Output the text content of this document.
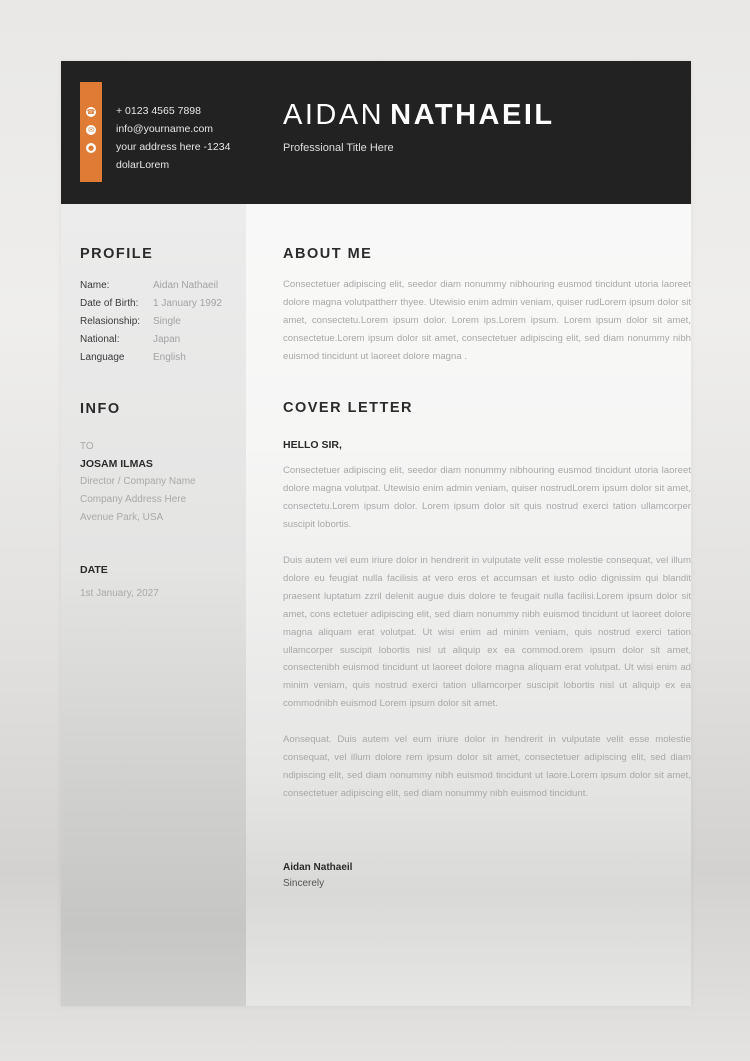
☎
✉
●
+ 0123 4565 7898
info@yourname.com
your address here -1234
dolarLorem
AIDAN NATHAEIL
Professional Title Here
PROFILE
Name:	Aidan Nathaeil
Date of Birth: 1 January 1992
Relasionship: Single
National:	Japan
Language	English
INFO
TO
JOSAM ILMAS
Director / Company Name
Company Address Here
Avenue Park, USA
DATE
1st January, 2027
ABOUT ME

Consectetuer adipiscing elit, seedor diam nonummy nibhouring eusmod tincidunt utoria laoreet dolore magna volutpattherr thyee. Utewisio enim admin veniam, quiser rudLorem ipsum dolor sit amet, consectetu.Lorem ipsum dolor. Lorem ips.Lorem ipsum. Lorem ipsum dolor sit amet, consectetue.Lorem ipsum dolor sit amet, consectetuer adipiscing elit, sed diam nonummy nibh euismod tincidunt ut laoreet dolore magna .

COVER LETTER
HELLO SIR,

Consectetuer adipiscing elit, seedor diam nonummy nibhouring eusmod tincidunt utoria laoreet dolore magna volutpat. Utewisio enim admin veniam, quiser nostrudLorem ipsum dolor sit amet, consectetu.Lorem ipsum dolor. Lorem ipsum dolor sit quis nostrud exerci tation ullamcorper suscipit lobortis.

Duis autem vel eum iriure dolor in hendrerit in vulputate velit esse molestie consequat, vel illum dolore eu feugiat nulla facilisis at vero eros et accumsan et iusto odio dignissim qui blandit praesent luptatum zzril delenit augue duis dolore te feugait nulla facilisi.Lorem ipsum dolor sit amet, cons ectetuer adipiscing elit, sed diam nonummy nibh euismod tincidunt ut laoreet dolore magna aliquam erat volutpat. Ut wisi enim ad minim veniam, quis nostrud exerci tation ullamcorper suscipit lobortis nisl ut aliquip ex ea commod.orem ipsum dolor sit amet, consectenibh euismod tincidunt ut laoreet dolore magna aliquam erat volutpat. Ut wisi enim ad minim veniam, quis nostrud exerci tation ullamcorper suscipit lobortis nisl ut aliquip ex ea commodnibh euismod Lorem ipsum dolor sit amet.

Aonsequat. Duis autem vel eum iriure dolor in hendrerit in vulputate velit esse molestie consequat, vel illum dolore rem ipsum dolor sit amet, consectetuer adipiscing elit, sed diam ndipiscing elit, sed diam nonummy nibh euismod tincidunt ut laore.Lorem ipsum dolor sit amet, consectetuer adipiscing elit, sed diam nonummy nibh euismod tincidunt.

Aidan Nathaeil
Sincerely
